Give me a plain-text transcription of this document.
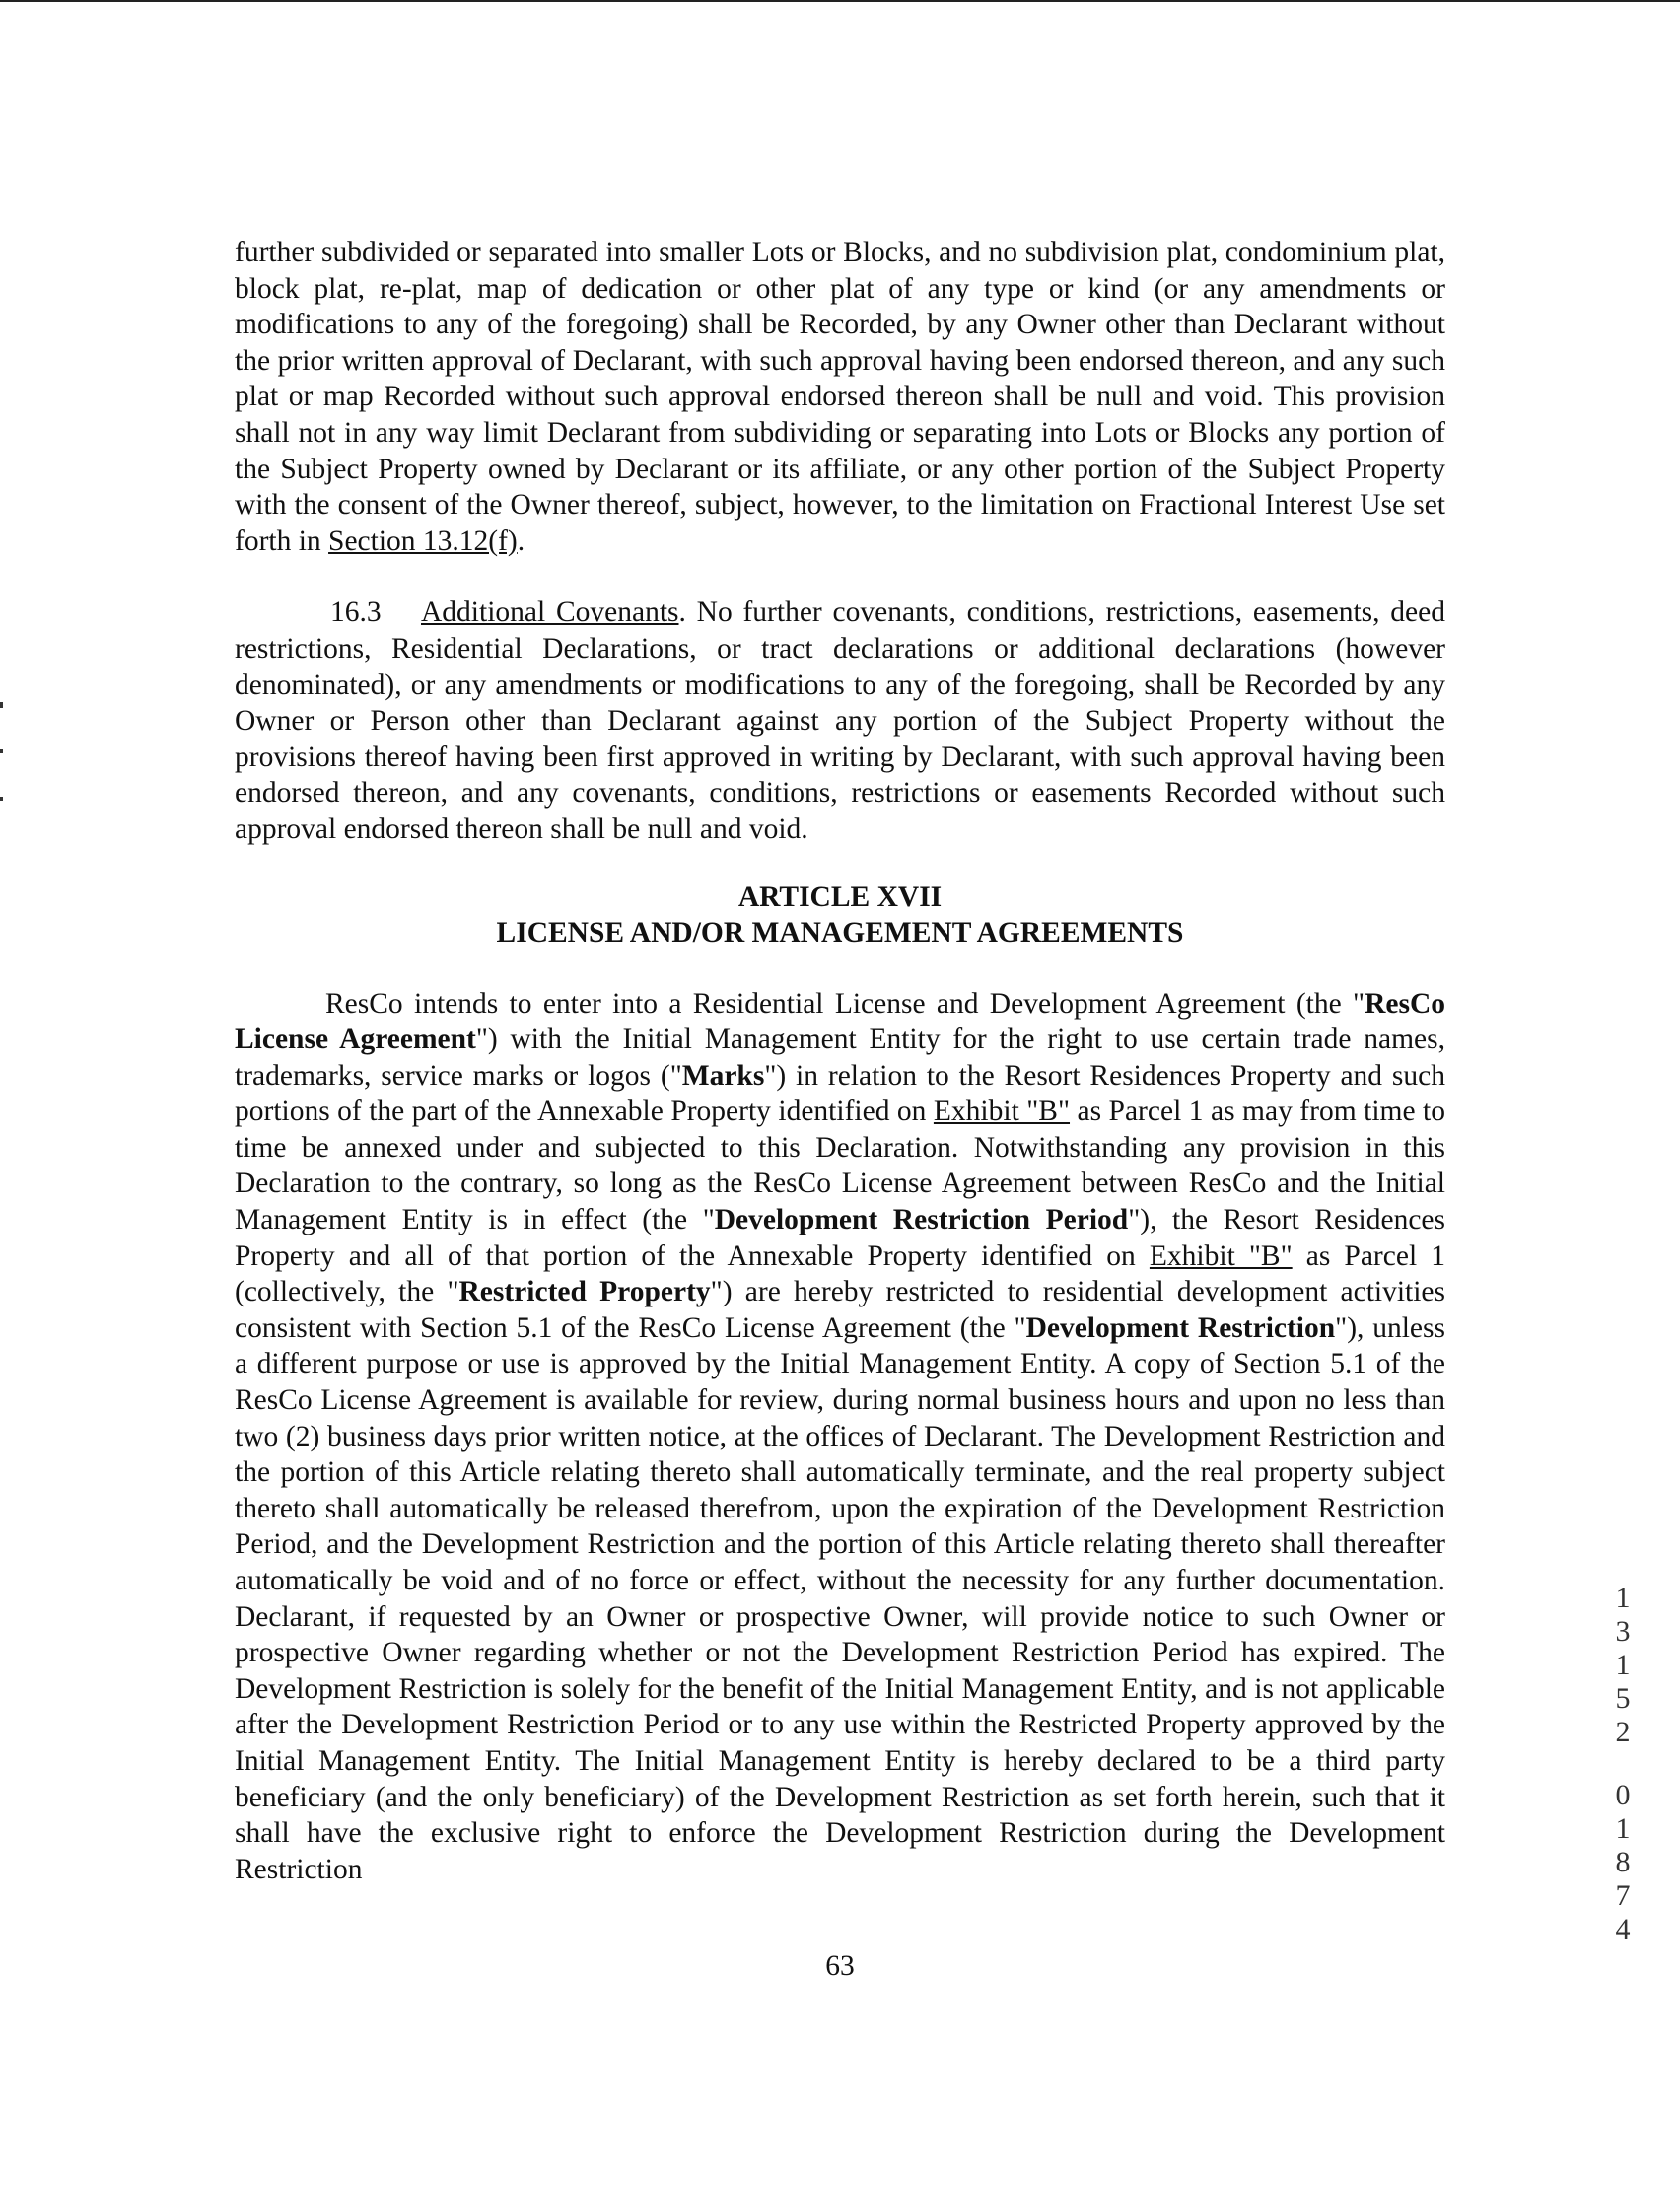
further subdivided or separated into smaller Lots or Blocks, and no subdivision plat, condominium plat, block plat, re-plat, map of dedication or other plat of any type or kind (or any amendments or modifications to any of the foregoing) shall be Recorded, by any Owner other than Declarant without the prior written approval of Declarant, with such approval having been endorsed thereon, and any such plat or map Recorded without such approval endorsed thereon shall be null and void. This provision shall not in any way limit Declarant from subdividing or separating into Lots or Blocks any portion of the Subject Property owned by Declarant or its affiliate, or any other portion of the Subject Property with the consent of the Owner thereof, subject, however, to the limitation on Fractional Interest Use set forth in Section 13.12(f).

16.3 Additional Covenants. No further covenants, conditions, restrictions, easements, deed restrictions, Residential Declarations, or tract declarations or additional declarations (however denominated), or any amendments or modifications to any of the foregoing, shall be Recorded by any Owner or Person other than Declarant against any portion of the Subject Property without the provisions thereof having been first approved in writing by Declarant, with such approval having been endorsed thereon, and any covenants, conditions, restrictions or easements Recorded without such approval endorsed thereon shall be null and void.

ARTICLE XVII
LICENSE AND/OR MANAGEMENT AGREEMENTS

ResCo intends to enter into a Residential License and Development Agreement (the "ResCo License Agreement") with the Initial Management Entity for the right to use certain trade names, trademarks, service marks or logos ("Marks") in relation to the Resort Residences Property and such portions of the part of the Annexable Property identified on Exhibit "B" as Parcel 1 as may from time to time be annexed under and subjected to this Declaration. Notwithstanding any provision in this Declaration to the contrary, so long as the ResCo License Agreement between ResCo and the Initial Management Entity is in effect (the "Development Restriction Period"), the Resort Residences Property and all of that portion of the Annexable Property identified on Exhibit "B" as Parcel 1 (collectively, the "Restricted Property") are hereby restricted to residential development activities consistent with Section 5.1 of the ResCo License Agreement (the "Development Restriction"), unless a different purpose or use is approved by the Initial Management Entity. A copy of Section 5.1 of the ResCo License Agreement is available for review, during normal business hours and upon no less than two (2) business days prior written notice, at the offices of Declarant. The Development Restriction and the portion of this Article relating thereto shall automatically terminate, and the real property subject thereto shall automatically be released therefrom, upon the expiration of the Development Restriction Period, and the Development Restriction and the portion of this Article relating thereto shall thereafter automatically be void and of no force or effect, without the necessity for any further documentation. Declarant, if requested by an Owner or prospective Owner, will provide notice to such Owner or prospective Owner regarding whether or not the Development Restriction Period has expired. The Development Restriction is solely for the benefit of the Initial Management Entity, and is not applicable after the Development Restriction Period or to any use within the Restricted Property approved by the Initial Management Entity. The Initial Management Entity is hereby declared to be a third party beneficiary (and the only beneficiary) of the Development Restriction as set forth herein, such that it shall have the exclusive right to enforce the Development Restriction during the Development Restriction

63
1
3
1
5
2
0
1
8
7
4
